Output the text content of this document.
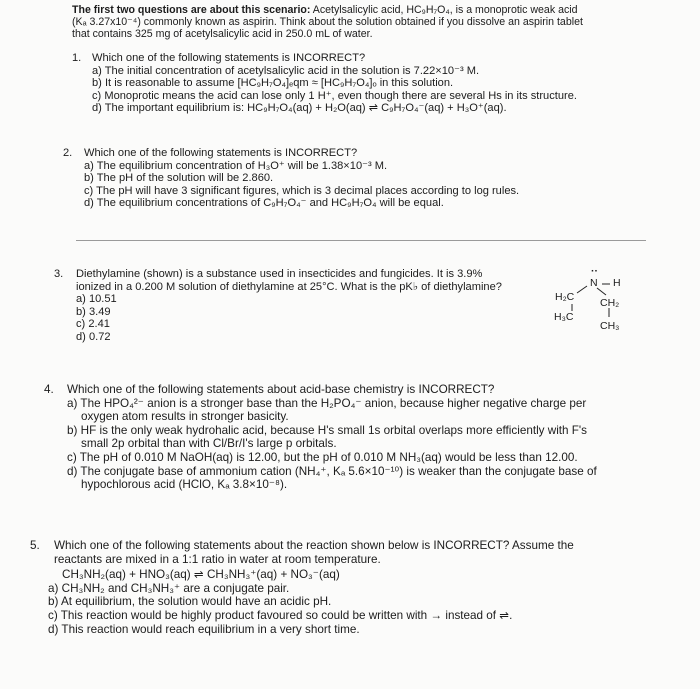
The first two questions are about this scenario: Acetylsalicylic acid, HC₉H₇O₄, is a monoprotic weak acid
(Kₐ 3.27x10⁻⁴) commonly known as aspirin. Think about the solution obtained if you dissolve an aspirin tablet
that contains 325 mg of acetylsalicylic acid in 250.0 mL of water.
1. Which one of the following statements is INCORRECT?
a) The initial concentration of acetylsalicylic acid in the solution is 7.22×10⁻³ M.
b) It is reasonable to assume [HC₉H₇O₄]ₑqm ≈ [HC₉H₇O₄]ₒ in this solution.
c) Monoprotic means the acid can lose only 1 H⁺, even though there are several Hs in its structure.
d) The important equilibrium is: HC₉H₇O₄(aq) + H₂O(aq) ⇌ C₉H₇O₄⁻(aq) + H₃O⁺(aq).
2. Which one of the following statements is INCORRECT?
a) The equilibrium concentration of H₃O⁺ will be 1.38×10⁻³ M.
b) The pH of the solution will be 2.860.
c) The pH will have 3 significant figures, which is 3 decimal places according to log rules.
d) The equilibrium concentrations of C₉H₇O₄⁻ and HC₉H₇O₄ will be equal.
3. Diethylamine (shown) is a substance used in insecticides and fungicides. It is 3.9%
ionized in a 0.200 M solution of diethylamine at 25°C. What is the pK♭ of diethylamine?
a) 10.51
b) 3.49
c) 2.41
d) 0.72
··
N H
H₂C CH₂
H₃C
CH₃
4. Which one of the following statements about acid-base chemistry is INCORRECT?
a) The HPO₄²⁻ anion is a stronger base than the H₂PO₄⁻ anion, because higher negative charge per
oxygen atom results in stronger basicity.
b) HF is the only weak hydrohalic acid, because H's small 1s orbital overlaps more efficiently with F's
small 2p orbital than with Cl/Br/I's large p orbitals.
c) The pH of 0.010 M NaOH(aq) is 12.00, but the pH of 0.010 M NH₃(aq) would be less than 12.00.
d) The conjugate base of ammonium cation (NH₄⁺, Kₐ 5.6×10⁻¹⁰) is weaker than the conjugate base of
hypochlorous acid (HClO, Kₐ 3.8×10⁻⁸).
5. Which one of the following statements about the reaction shown below is INCORRECT? Assume the
reactants are mixed in a 1:1 ratio in water at room temperature.
CH₃NH₂(aq) + HNO₃(aq) ⇌ CH₃NH₃⁺(aq) + NO₃⁻(aq)
a) CH₃NH₂ and CH₃NH₃⁺ are a conjugate pair.
b) At equilibrium, the solution would have an acidic pH.
c) This reaction would be highly product favoured so could be written with → instead of ⇌.
d) This reaction would reach equilibrium in a very short time.
